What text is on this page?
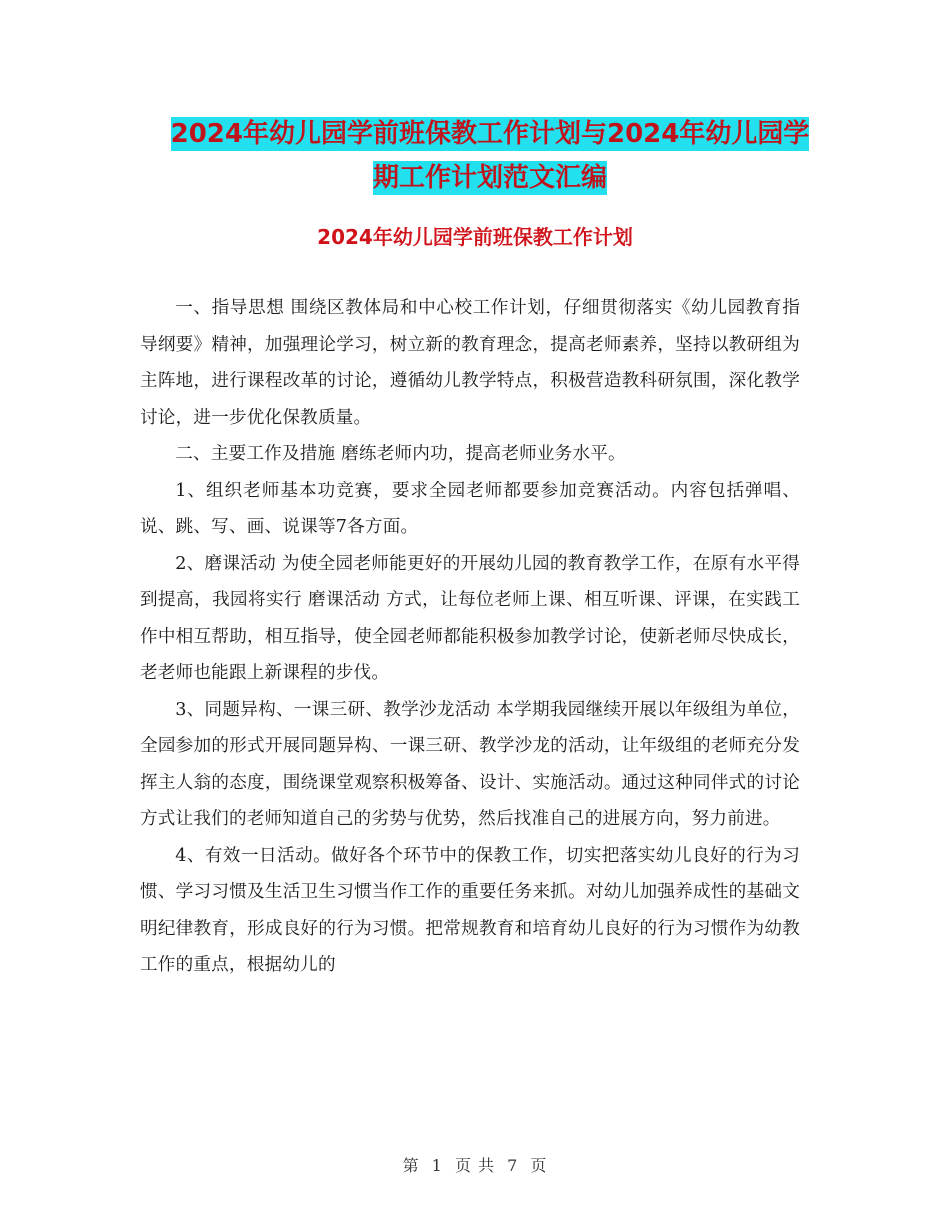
2024年幼儿园学前班保教工作计划与2024年幼儿园学
期工作计划范文汇编
2024年幼儿园学前班保教工作计划

一、指导思想 围绕区教体局和中心校工作计划，仔细贯彻落实《幼儿园教育指导纲要》精神，加强理论学习，树立新的教育理念，提高老师素养，坚持以教研组为主阵地，进行课程改革的讨论，遵循幼儿教学特点，积极营造教科研氛围，深化教学讨论，进一步优化保教质量。

二、主要工作及措施 磨练老师内功，提高老师业务水平。

1、组织老师基本功竞赛，要求全园老师都要参加竞赛活动。内容包括弹唱、说、跳、写、画、说课等7各方面。

2、磨课活动 为使全园老师能更好的开展幼儿园的教育教学工作，在原有水平得到提高，我园将实行 磨课活动 方式，让每位老师上课、相互听课、评课，在实践工作中相互帮助，相互指导，使全园老师都能积极参加教学讨论，使新老师尽快成长，老老师也能跟上新课程的步伐。

3、同题异构、一课三研、教学沙龙活动 本学期我园继续开展以年级组为单位，全园参加的形式开展同题异构、一课三研、教学沙龙的活动，让年级组的老师充分发挥主人翁的态度，围绕课堂观察积极筹备、设计、实施活动。通过这种同伴式的讨论方式让我们的老师知道自己的劣势与优势，然后找准自己的进展方向，努力前进。

4、有效一日活动。做好各个环节中的保教工作，切实把落实幼儿良好的行为习惯、学习习惯及生活卫生习惯当作工作的重要任务来抓。对幼儿加强养成性的基础文明纪律教育，形成良好的行为习惯。把常规教育和培育幼儿良好的行为习惯作为幼教工作的重点，根据幼儿的

第 1 页 共 7 页
